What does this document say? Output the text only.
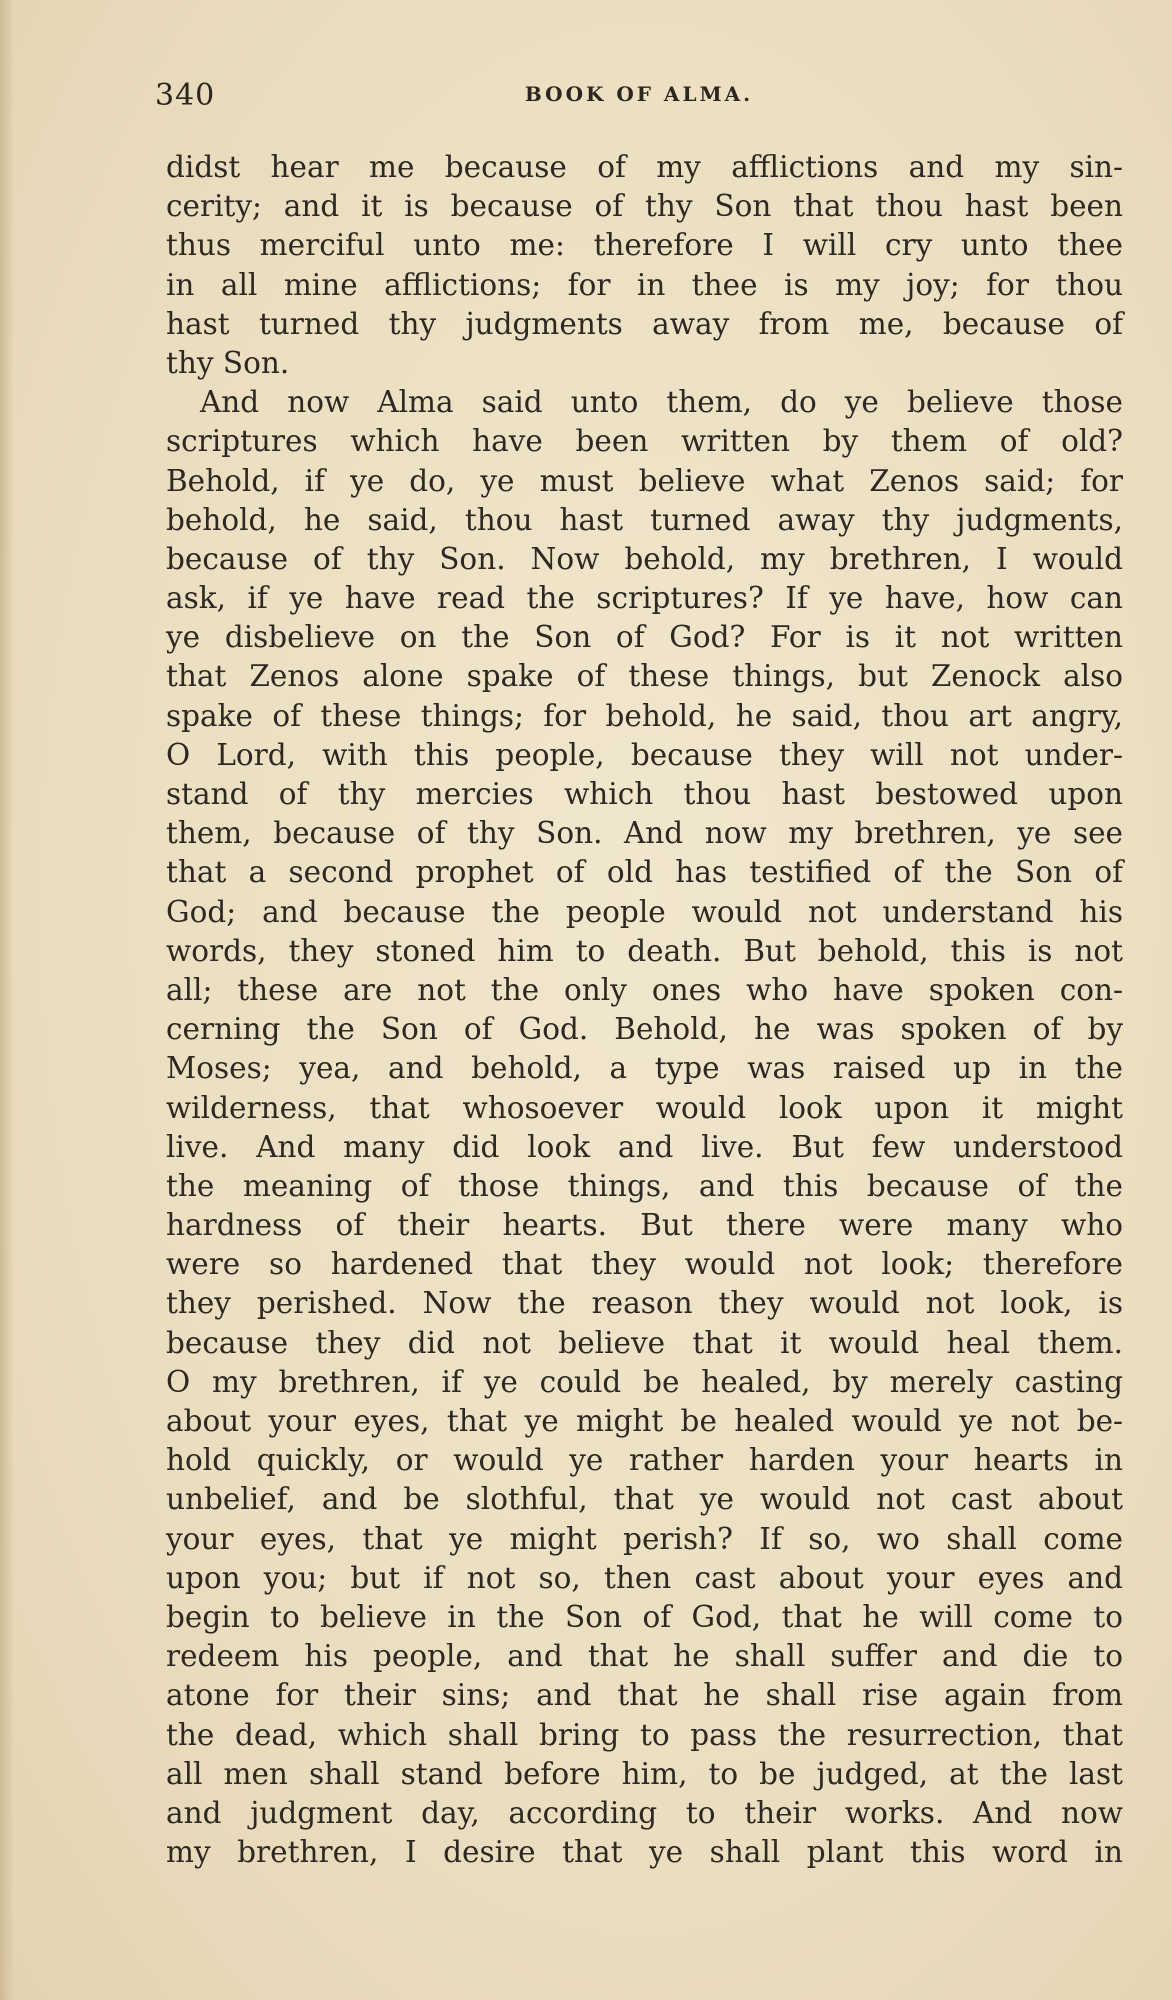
340	BOOK OF ALMA.
didst hear me because of my afflictions and my sin-
cerity; and it is because of thy Son that thou hast been
thus merciful unto me: therefore I will cry unto thee
in all mine afflictions; for in thee is my joy; for thou
hast turned thy judgments away from me, because of
thy Son.
And now Alma said unto them, do ye believe those
scriptures which have been written by them of old?
Behold, if ye do, ye must believe what Zenos said; for
behold, he said, thou hast turned away thy judgments,
because of thy Son. Now behold, my brethren, I would
ask, if ye have read the scriptures? If ye have, how can
ye disbelieve on the Son of God? For is it not written
that Zenos alone spake of these things, but Zenock also
spake of these things; for behold, he said, thou art angry,
O Lord, with this people, because they will not under-
stand of thy mercies which thou hast bestowed upon
them, because of thy Son. And now my brethren, ye see
that a second prophet of old has testified of the Son of
God; and because the people would not understand his
words, they stoned him to death. But behold, this is not
all; these are not the only ones who have spoken con-
cerning the Son of God. Behold, he was spoken of by
Moses; yea, and behold, a type was raised up in the
wilderness, that whosoever would look upon it might
live. And many did look and live. But few understood
the meaning of those things, and this because of the
hardness of their hearts. But there were many who
were so hardened that they would not look; therefore
they perished. Now the reason they would not look, is
because they did not believe that it would heal them.
O my brethren, if ye could be healed, by merely casting
about your eyes, that ye might be healed would ye not be-
hold quickly, or would ye rather harden your hearts in
unbelief, and be slothful, that ye would not cast about
your eyes, that ye might perish? If so, wo shall come
upon you; but if not so, then cast about your eyes and
begin to believe in the Son of God, that he will come to
redeem his people, and that he shall suffer and die to
atone for their sins; and that he shall rise again from
the dead, which shall bring to pass the resurrection, that
all men shall stand before him, to be judged, at the last
and judgment day, according to their works. And now
my brethren, I desire that ye shall plant this word in
